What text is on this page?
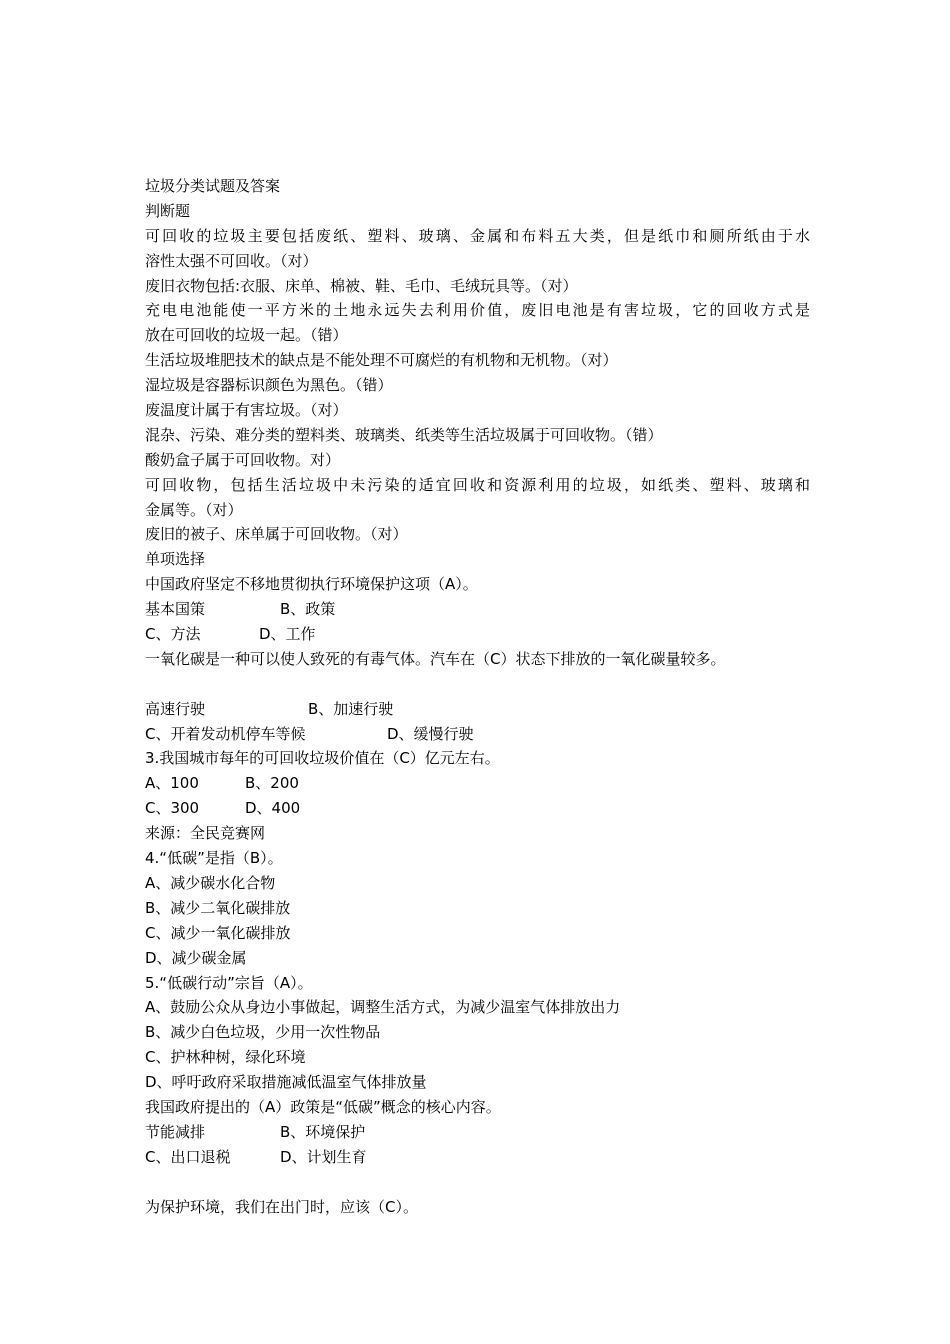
垃圾分类试题及答案
判断题
可回收的垃圾主要包括废纸、塑料、玻璃、金属和布料五大类，但是纸巾和厕所纸由于水
溶性太强不可回收。（对）
废旧衣物包括:衣服、床单、棉被、鞋、毛巾、毛绒玩具等。（对）
充电电池能使一平方米的土地永远失去利用价值，废旧电池是有害垃圾，它的回收方式是
放在可回收的垃圾一起。（错）
生活垃圾堆肥技术的缺点是不能处理不可腐烂的有机物和无机物。（对）
湿垃圾是容器标识颜色为黑色。（错）
废温度计属于有害垃圾。（对）
混杂、污染、难分类的塑料类、玻璃类、纸类等生活垃圾属于可回收物。（错）
酸奶盒子属于可回收物。对）
可回收物，包括生活垃圾中未污染的适宜回收和资源利用的垃圾，如纸类、塑料、玻璃和
金属等。（对）
废旧的被子、床单属于可回收物。（对）
单项选择
中国政府坚定不移地贯彻执行环境保护这项（A）。
基本国策	B、政策
C、方法	D、工作
一氧化碳是一种可以使人致死的有毒气体。汽车在（C）状态下排放的一氧化碳量较多。
高速行驶	B、加速行驶
C、开着发动机停车等候	D、缓慢行驶
3.我国城市每年的可回收垃圾价值在（C）亿元左右。
A、100	B、200
C、300	D、400
来源：全民竞赛网
4.“低碳”是指（B）。
A、减少碳水化合物
B、减少二氧化碳排放
C、减少一氧化碳排放
D、减少碳金属
5.“低碳行动”宗旨（A）。
A、鼓励公众从身边小事做起，调整生活方式，为减少温室气体排放出力
B、减少白色垃圾，少用一次性物品
C、护林种树，绿化环境
D、呼吁政府采取措施减低温室气体排放量
我国政府提出的（A）政策是“低碳”概念的核心内容。
节能减排	B、环境保护
C、出口退税	D、计划生育
为保护环境，我们在出门时，应该（C）。
